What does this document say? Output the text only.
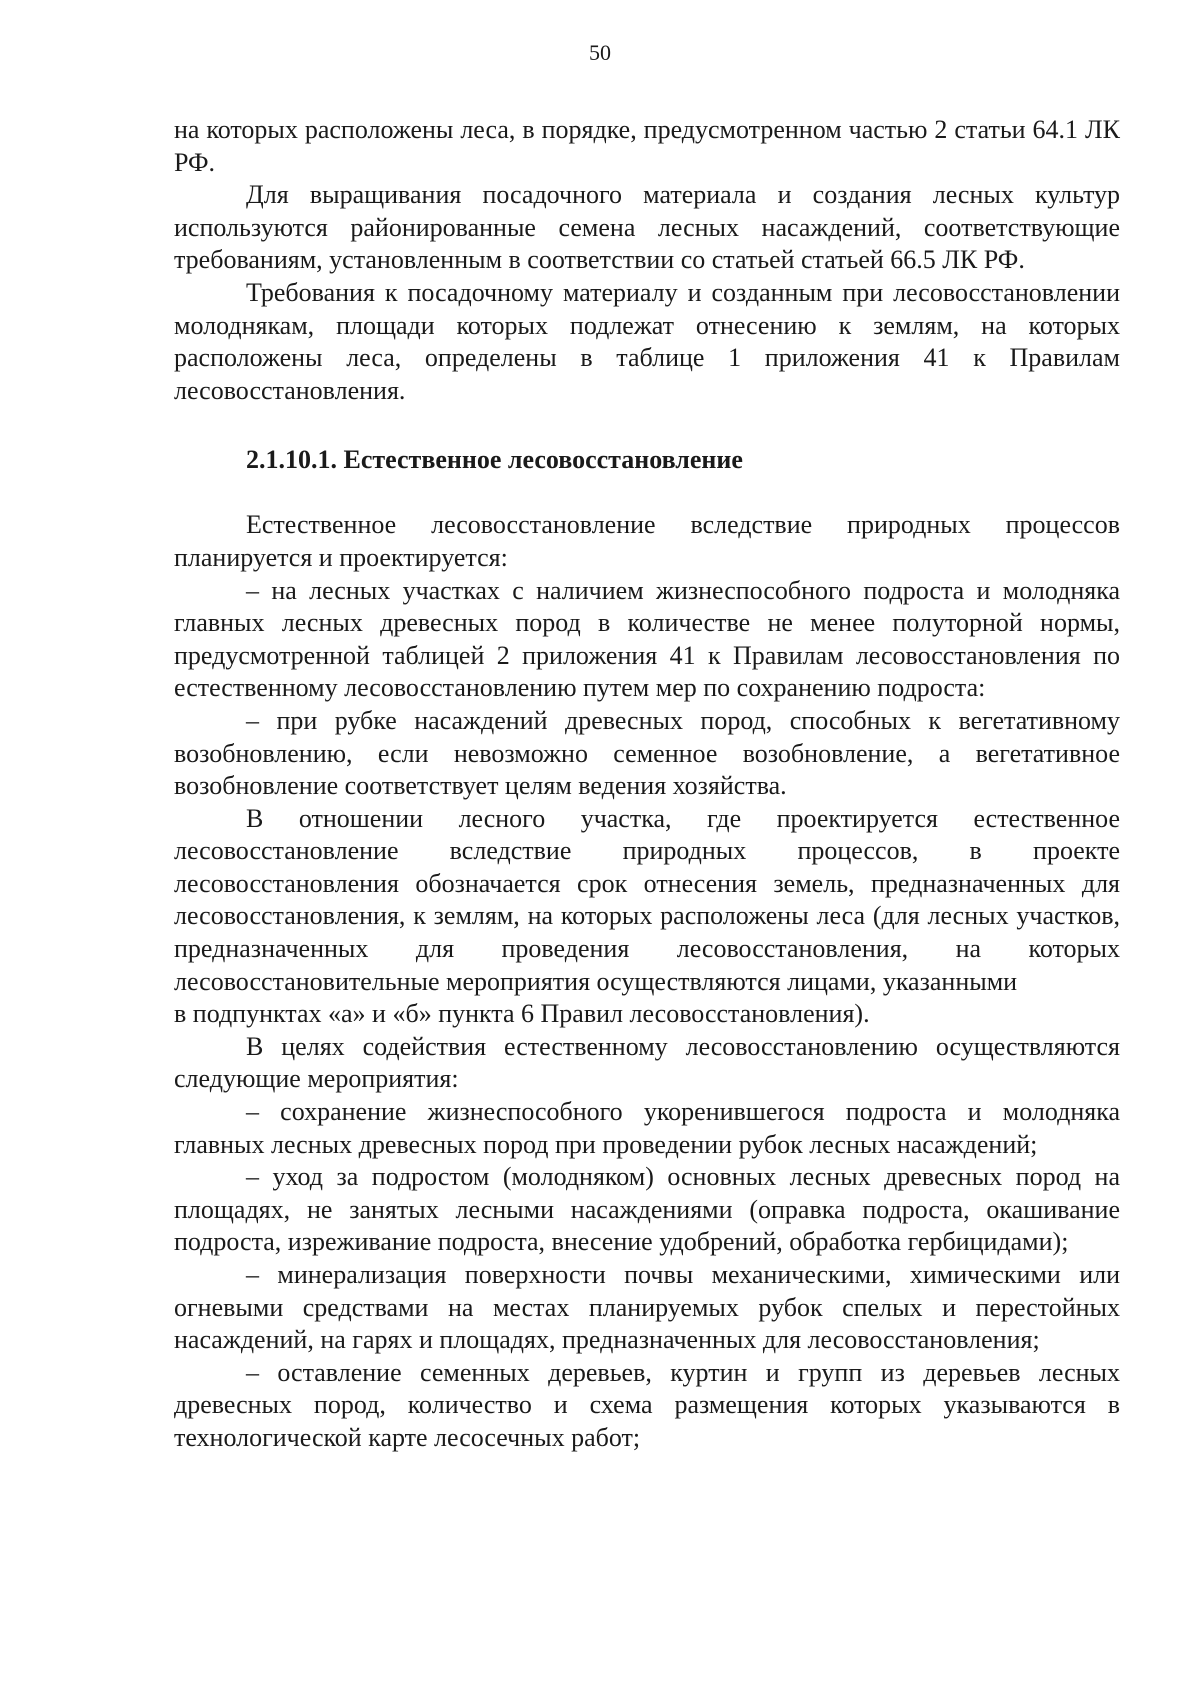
50

на которых расположены леса, в порядке, предусмотренном частью 2 статьи 64.1 ЛК РФ.

Для выращивания посадочного материала и создания лесных культур используются районированные семена лесных насаждений, соответствующие требованиям, установленным в соответствии со статьей статьей 66.5 ЛК РФ.

Требования к посадочному материалу и созданным при лесовосстановлении молоднякам, площади которых подлежат отнесению к землям, на которых расположены леса, определены в таблице 1 приложения 41 к Правилам лесовосстановления.

2.1.10.1. Естественное лесовосстановление

Естественное лесовосстановление вследствие природных процессов планируется и проектируется:

– на лесных участках с наличием жизнеспособного подроста и молодняка главных лесных древесных пород в количестве не менее полуторной нормы, предусмотренной таблицей 2 приложения 41 к Правилам лесовосстановления по естественному лесовосстановлению путем мер по сохранению подроста:

– при рубке насаждений древесных пород, способных к вегетативному возобновлению, если невозможно семенное возобновление, а вегетативное возобновление соответствует целям ведения хозяйства.

В отношении лесного участка, где проектируется естественное лесовосстановление вследствие природных процессов, в проекте лесовосстановления обозначается срок отнесения земель, предназначенных для лесовосстановления, к землям, на которых расположены леса (для лесных участков, предназначенных для проведения лесовосстановления, на которых лесовосстановительные мероприятия осуществляются лицами, указанными

в подпунктах «а» и «б» пункта 6 Правил лесовосстановления).

В целях содействия естественному лесовосстановлению осуществляются следующие мероприятия:

– сохранение жизнеспособного укоренившегося подроста и молодняка главных лесных древесных пород при проведении рубок лесных насаждений;

– уход за подростом (молодняком) основных лесных древесных пород на площадях, не занятых лесными насаждениями (оправка подроста, окашивание подроста, изреживание подроста, внесение удобрений, обработка гербицидами);

– минерализация поверхности почвы механическими, химическими или огневыми средствами на местах планируемых рубок спелых и перестойных насаждений, на гарях и площадях, предназначенных для лесовосстановления;

– оставление семенных деревьев, куртин и групп из деревьев лесных древесных пород, количество и схема размещения которых указываются в технологической карте лесосечных работ;
